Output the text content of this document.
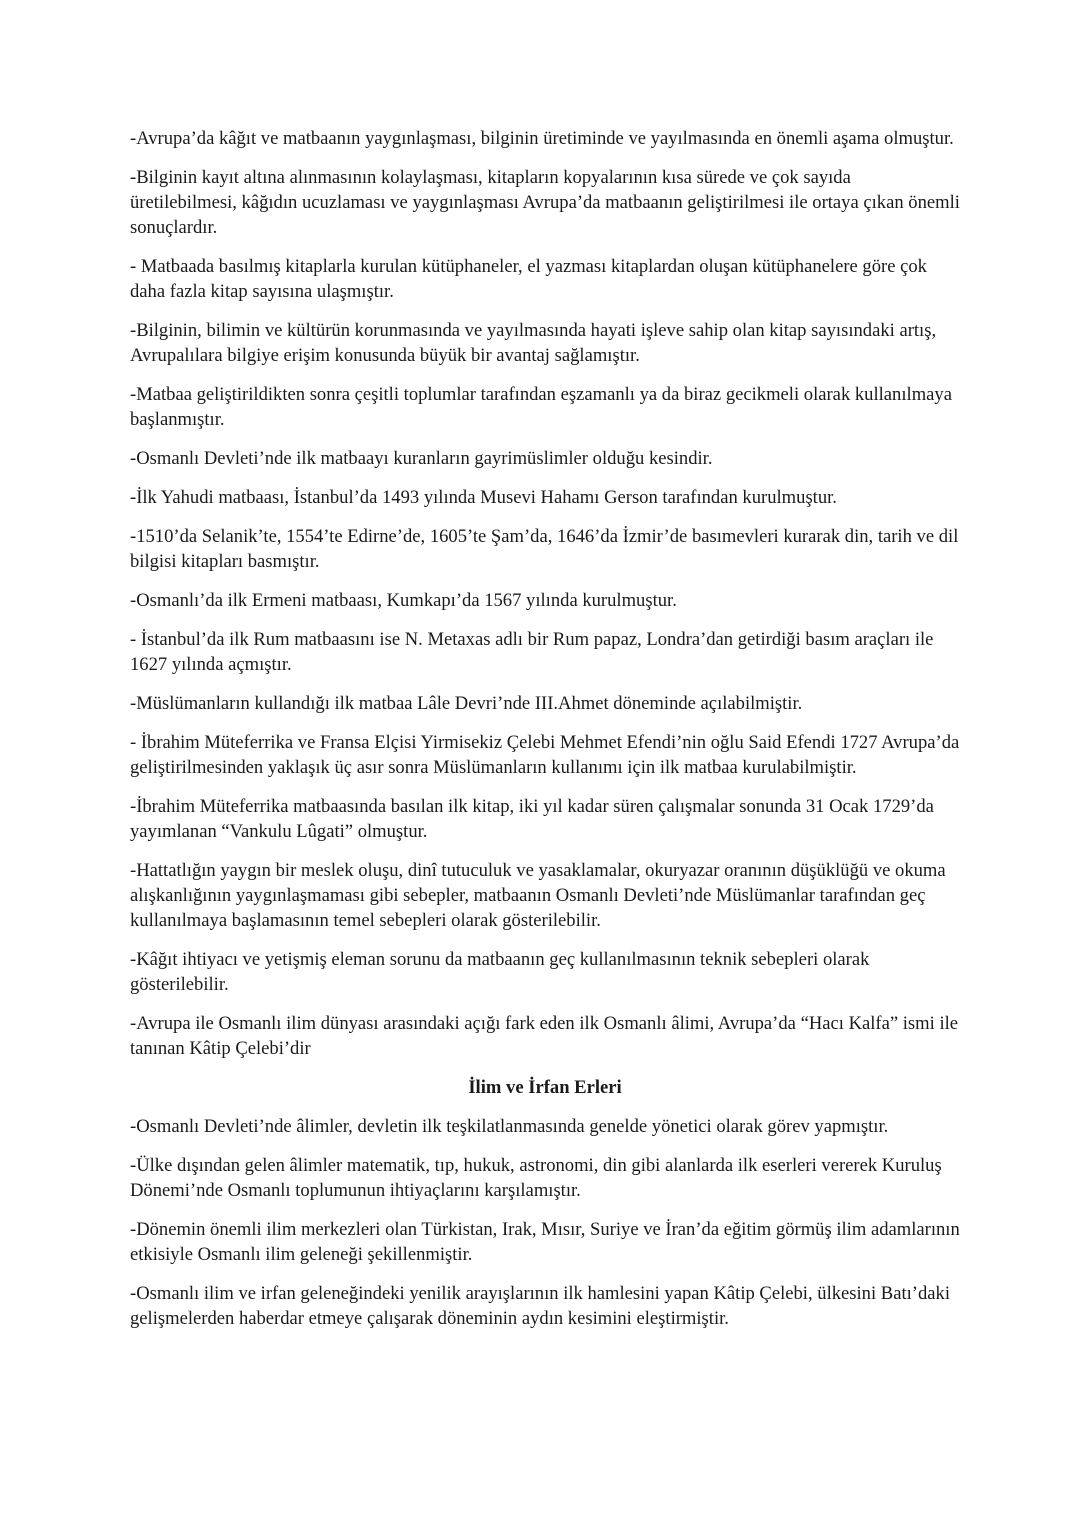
-Avrupa’da kâğıt ve matbaanın yaygınlaşması, bilginin üretiminde ve yayılmasında en önemli aşama olmuştur.

-Bilginin kayıt altına alınmasının kolaylaşması, kitapların kopyalarının kısa sürede ve çok sayıda üretilebilmesi, kâğıdın ucuzlaması ve yaygınlaşması Avrupa’da matbaanın geliştirilmesi ile ortaya çıkan önemli sonuçlardır.

- Matbaada basılmış kitaplarla kurulan kütüphaneler, el yazması kitaplardan oluşan kütüphanelere göre çok daha fazla kitap sayısına ulaşmıştır.

-Bilginin, bilimin ve kültürün korunmasında ve yayılmasında hayati işleve sahip olan kitap sayısındaki artış, Avrupalılara bilgiye erişim konusunda büyük bir avantaj sağlamıştır.

-Matbaa geliştirildikten sonra çeşitli toplumlar tarafından eşzamanlı ya da biraz gecikmeli olarak kullanılmaya başlanmıştır.

-Osmanlı Devleti’nde ilk matbaayı kuranların gayrimüslimler olduğu kesindir.

-İlk Yahudi matbaası, İstanbul’da 1493 yılında Musevi Hahamı Gerson tarafından kurulmuştur.

-1510’da Selanik’te, 1554’te Edirne’de, 1605’te Şam’da, 1646’da İzmir’de basımevleri kurarak din, tarih ve dil bilgisi kitapları basmıştır.

-Osmanlı’da ilk Ermeni matbaası, Kumkapı’da 1567 yılında kurulmuştur.

- İstanbul’da ilk Rum matbaasını ise N. Metaxas adlı bir Rum papaz, Londra’dan getirdiği basım araçları ile 1627 yılında açmıştır.

-Müslümanların kullandığı ilk matbaa Lâle Devri’nde III.Ahmet döneminde açılabilmiştir.

- İbrahim Müteferrika ve Fransa Elçisi Yirmisekiz Çelebi Mehmet Efendi’nin oğlu Said Efendi 1727 Avrupa’da geliştirilmesinden yaklaşık üç asır sonra Müslümanların kullanımı için ilk matbaa kurulabilmiştir.

-İbrahim Müteferrika matbaasında basılan ilk kitap, iki yıl kadar süren çalışmalar sonunda 31 Ocak 1729’da yayımlanan “Vankulu Lûgati” olmuştur.

-Hattatlığın yaygın bir meslek oluşu, dinî tutuculuk ve yasaklamalar, okuryazar oranının düşüklüğü ve okuma alışkanlığının yaygınlaşmaması gibi sebepler, matbaanın Osmanlı Devleti’nde Müslümanlar tarafından geç kullanılmaya başlamasının temel sebepleri olarak gösterilebilir.

-Kâğıt ihtiyacı ve yetişmiş eleman sorunu da matbaanın geç kullanılmasının teknik sebepleri olarak gösterilebilir.

-Avrupa ile Osmanlı ilim dünyası arasındaki açığı fark eden ilk Osmanlı âlimi, Avrupa’da “Hacı Kalfa” ismi ile tanınan Kâtip Çelebi’dir

İlim ve İrfan Erleri

-Osmanlı Devleti’nde âlimler, devletin ilk teşkilatlanmasında genelde yönetici olarak görev yapmıştır.

-Ülke dışından gelen âlimler matematik, tıp, hukuk, astronomi, din gibi alanlarda ilk eserleri vererek Kuruluş Dönemi’nde Osmanlı toplumunun ihtiyaçlarını karşılamıştır.

-Dönemin önemli ilim merkezleri olan Türkistan, Irak, Mısır, Suriye ve İran’da eğitim görmüş ilim adamlarının etkisiyle Osmanlı ilim geleneği şekillenmiştir.

-Osmanlı ilim ve irfan geleneğindeki yenilik arayışlarının ilk hamlesini yapan Kâtip Çelebi, ülkesini Batı’daki gelişmelerden haberdar etmeye çalışarak döneminin aydın kesimini eleştirmiştir.
